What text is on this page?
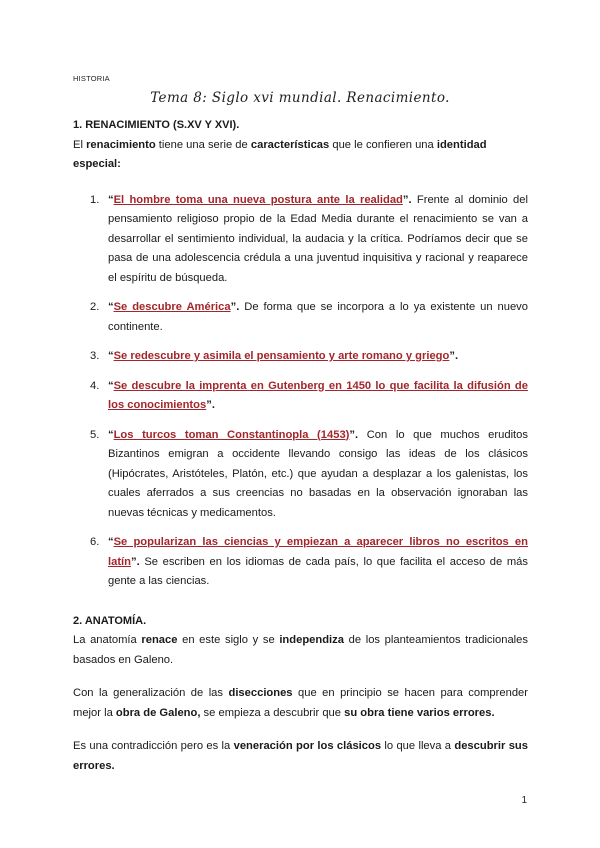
HISTORIA
Tema 8: Siglo xvi mundial. Renacimiento.

1. RENACIMIENTO (S.XV Y XVI).

El renacimiento tiene una serie de características que le confieren una identidad especial:

1. “El hombre toma una nueva postura ante la realidad”. Frente al dominio del pensamiento religioso propio de la Edad Media durante el renacimiento se van a desarrollar el sentimiento individual, la audacia y la crítica. Podríamos decir que se pasa de una adolescencia crédula a una juventud inquisitiva y racional y reaparece el espíritu de búsqueda.
2. “Se descubre América”. De forma que se incorpora a lo ya existente un nuevo continente.
3. “Se redescubre y asimila el pensamiento y arte romano y griego”.
4. “Se descubre la imprenta en Gutenberg en 1450 lo que facilita la difusión de los conocimientos”.
5. “Los turcos toman Constantinopla (1453)”. Con lo que muchos eruditos Bizantinos emigran a occidente llevando consigo las ideas de los clásicos (Hipócrates, Aristóteles, Platón, etc.) que ayudan a desplazar a los galenistas, los cuales aferrados a sus creencias no basadas en la observación ignoraban las nuevas técnicas y medicamentos.
6. “Se popularizan las ciencias y empiezan a aparecer libros no escritos en latín”. Se escriben en los idiomas de cada país, lo que facilita el acceso de más gente a las ciencias.

2. ANATOMÍA.

La anatomía renace en este siglo y se independiza de los planteamientos tradicionales basados en Galeno.

Con la generalización de las disecciones que en principio se hacen para comprender mejor la obra de Galeno, se empieza a descubrir que su obra tiene varios errores.

Es una contradicción pero es la veneración por los clásicos lo que lleva a descubrir sus errores.

1
